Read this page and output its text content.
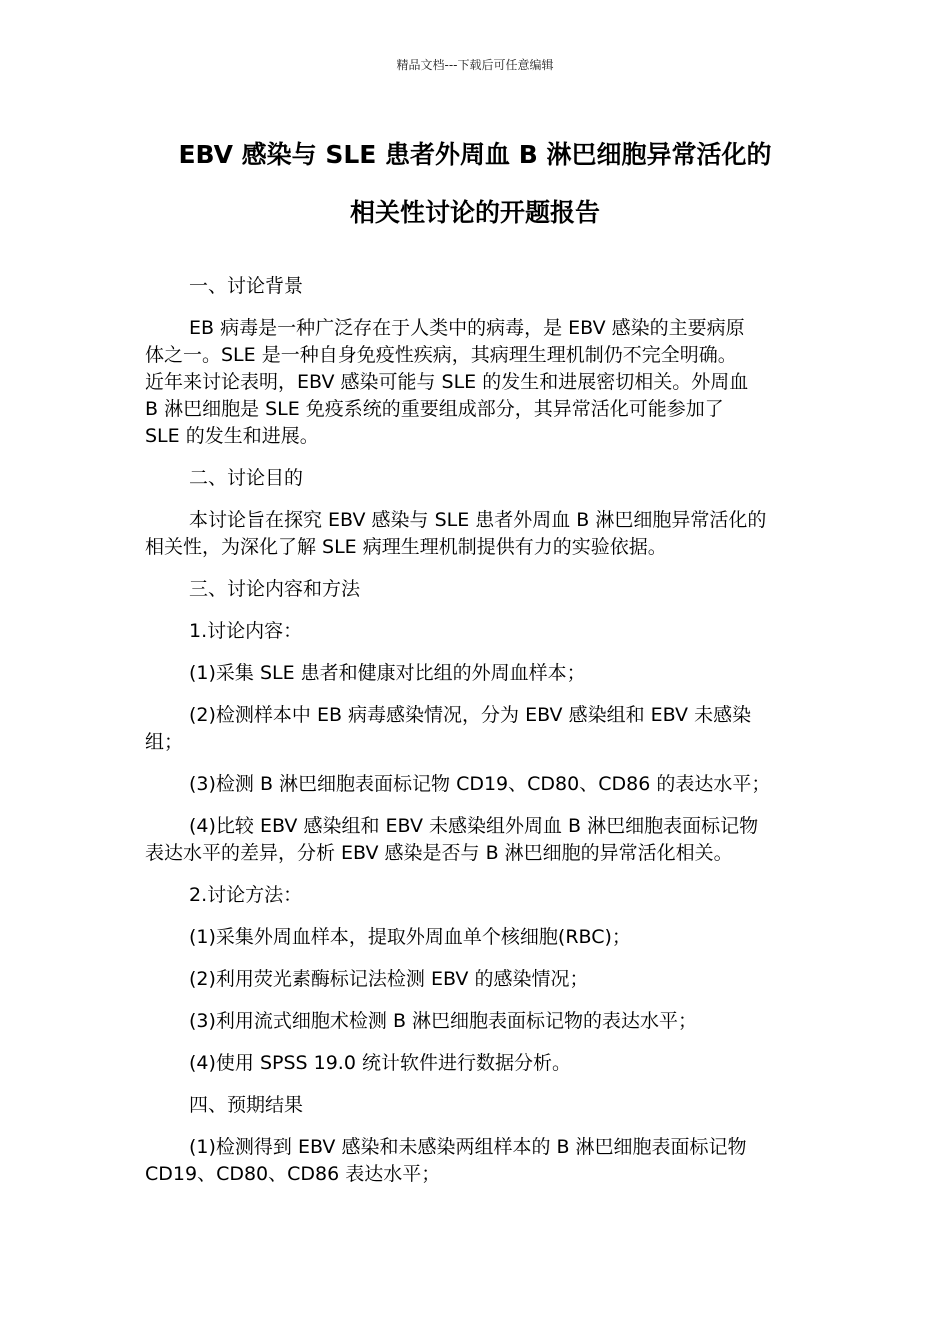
精品文档---下载后可任意编辑
EBV 感染与 SLE 患者外周血 B 淋巴细胞异常活化的
相关性讨论的开题报告
一、讨论背景
EB 病毒是一种广泛存在于人类中的病毒，是 EBV 感染的主要病原
体之一。SLE 是一种自身免疫性疾病，其病理生理机制仍不完全明确。
近年来讨论表明，EBV 感染可能与 SLE 的发生和进展密切相关。外周血
B 淋巴细胞是 SLE 免疫系统的重要组成部分，其异常活化可能参加了
SLE 的发生和进展。
二、讨论目的
本讨论旨在探究 EBV 感染与 SLE 患者外周血 B 淋巴细胞异常活化的
相关性，为深化了解 SLE 病理生理机制提供有力的实验依据。
三、讨论内容和方法
1.讨论内容：
(1)采集 SLE 患者和健康对比组的外周血样本；
(2)检测样本中 EB 病毒感染情况，分为 EBV 感染组和 EBV 未感染
组；
(3)检测 B 淋巴细胞表面标记物 CD19、CD80、CD86 的表达水平；
(4)比较 EBV 感染组和 EBV 未感染组外周血 B 淋巴细胞表面标记物
表达水平的差异，分析 EBV 感染是否与 B 淋巴细胞的异常活化相关。
2.讨论方法：
(1)采集外周血样本，提取外周血单个核细胞(RBC)；
(2)利用荧光素酶标记法检测 EBV 的感染情况；
(3)利用流式细胞术检测 B 淋巴细胞表面标记物的表达水平；
(4)使用 SPSS 19.0 统计软件进行数据分析。
四、预期结果
(1)检测得到 EBV 感染和未感染两组样本的 B 淋巴细胞表面标记物
CD19、CD80、CD86 表达水平；
